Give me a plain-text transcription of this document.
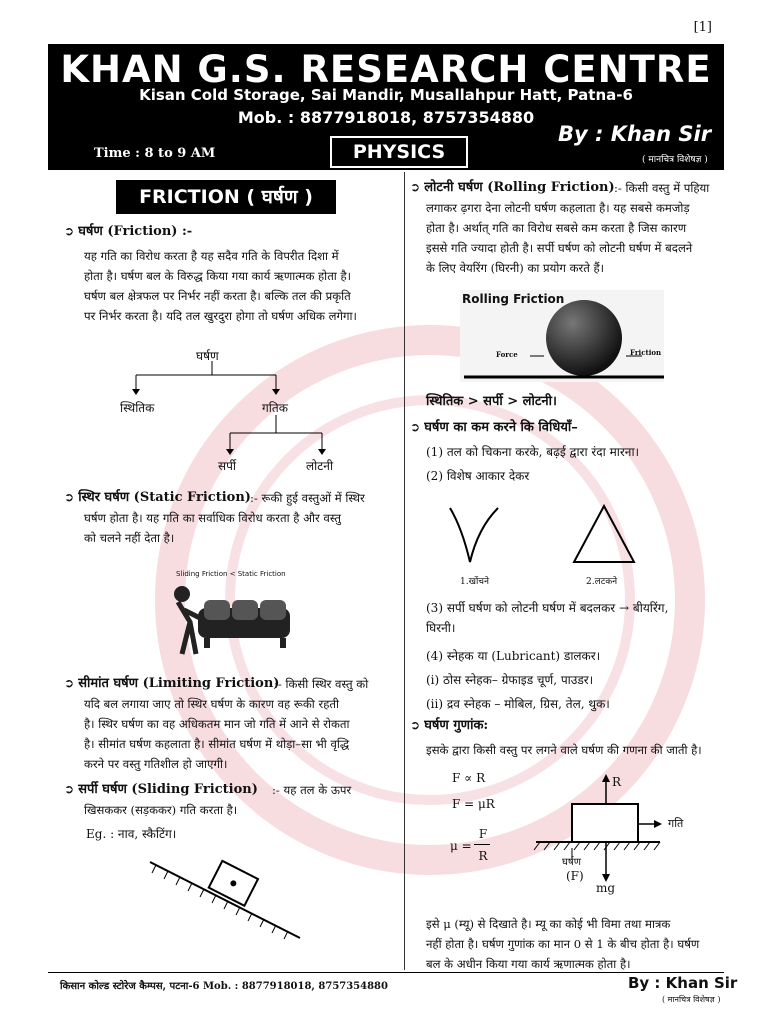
[1]
KHAN G.S. RESEARCH CENTRE
Kisan Cold Storage, Sai Mandir, Musallahpur Hatt, Patna-6
Mob. : 8877918018, 8757354880
Time : 8 to 9 AM	PHYSICS
By : Khan Sir
( मानचित्र विशेषज्ञ )
FRICTION ( घर्षण )
➲ घर्षण (Friction) :-
यह गति का विरोध करता है यह सदैव गति के विपरीत दिशा में
होता है। घर्षण बल के विरुद्ध किया गया कार्य ऋणात्मक होता है।
घर्षण बल क्षेत्रफल पर निर्भर नहीं करता है। बल्कि तल की प्रकृति
पर निर्भर करता है। यदि तल खुरदुरा होगा तो घर्षण अधिक लगेगा।
घर्षण
स्थितिक	गतिक
सर्पी	लोटनी
➲ स्थिर घर्षण (Static Friction) :- रूकी हुई वस्तुओं में स्थिर
घर्षण होता है। यह गति का सर्वाधिक विरोध करता है और वस्तु
को चलने नहीं देता है।
Sliding Friction < Static Friction
➲ सीमांत घर्षण (Limiting Friction)
:- किसी स्थिर वस्तु को
यदि बल लगाया जाए तो स्थिर घर्षण के कारण वह रूकी रहती
है। स्थिर घर्षण का वह अधिकतम मान जो गति में आने से रोकता
है। सीमांत घर्षण कहलाता है। सीमांत घर्षण में थोड़ा–सा भी वृद्धि
करने पर वस्तु गतिशील हो जाएगी।
➲ सर्पी घर्षण (Sliding Friction) :- यह तल के ऊपर
खिसककर (सड़ककर) गति करता है।
Eg. : नाव, स्कैटिंग।
➲ लोटनी घर्षण (Rolling Friction) :- किसी वस्तु में पहिया
लगाकर ढ़गरा देना लोटनी घर्षण कहलाता है। यह सबसे कमजोड़
होता है। अर्थात् गति का विरोध सबसे कम करता है जिस कारण
इससे गति ज्यादा होती है। सर्पी घर्षण को लोटनी घर्षण में बदलने
के लिए वेयरिंग (घिरनी) का प्रयोग करते हैं।
Rolling Friction
Force	Friction
स्थितिक > सर्पी > लोटनी।
➲ घर्षण का कम करने कि विधियाँ–
(1) तल को चिकना करके, बढ़ई द्वारा रंदा मारना।
(2) विशेष आकार देकर
1.खोंचने	2.लटकने
(3) सर्पी घर्षण को लोटनी घर्षण में बदलकर → बीयरिंग,
घिरनी।
(4) स्नेहक या (Lubricant) डालकर।
(i) ठोस स्नेहक– ग्रेफाइड चूर्ण, पाउडर।
(ii) द्रव स्नेहक – मोबिल, ग्रिस, तेल, थुक।
➲ घर्षण गुणांक:
इसके द्वारा किसी वस्तु पर लगने वाले घर्षण की गणना की जाती है।
F ∝ R
F = μR
μ =
F
R
R
गति
घर्षण
(F)
mg
इसे μ (म्यू) से दिखाते है। म्यू का कोई भी विमा तथा मात्रक
नहीं होता है। घर्षण गुणांक का मान 0 से 1 के बीच होता है। घर्षण
बल के अधीन किया गया कार्य ऋणात्मक होता है।
किसान कोल्ड स्टोरेज कैम्पस, पटना-6 Mob. : 8877918018, 8757354880	By : Khan Sir
( मानचित्र विशेषज्ञ )
